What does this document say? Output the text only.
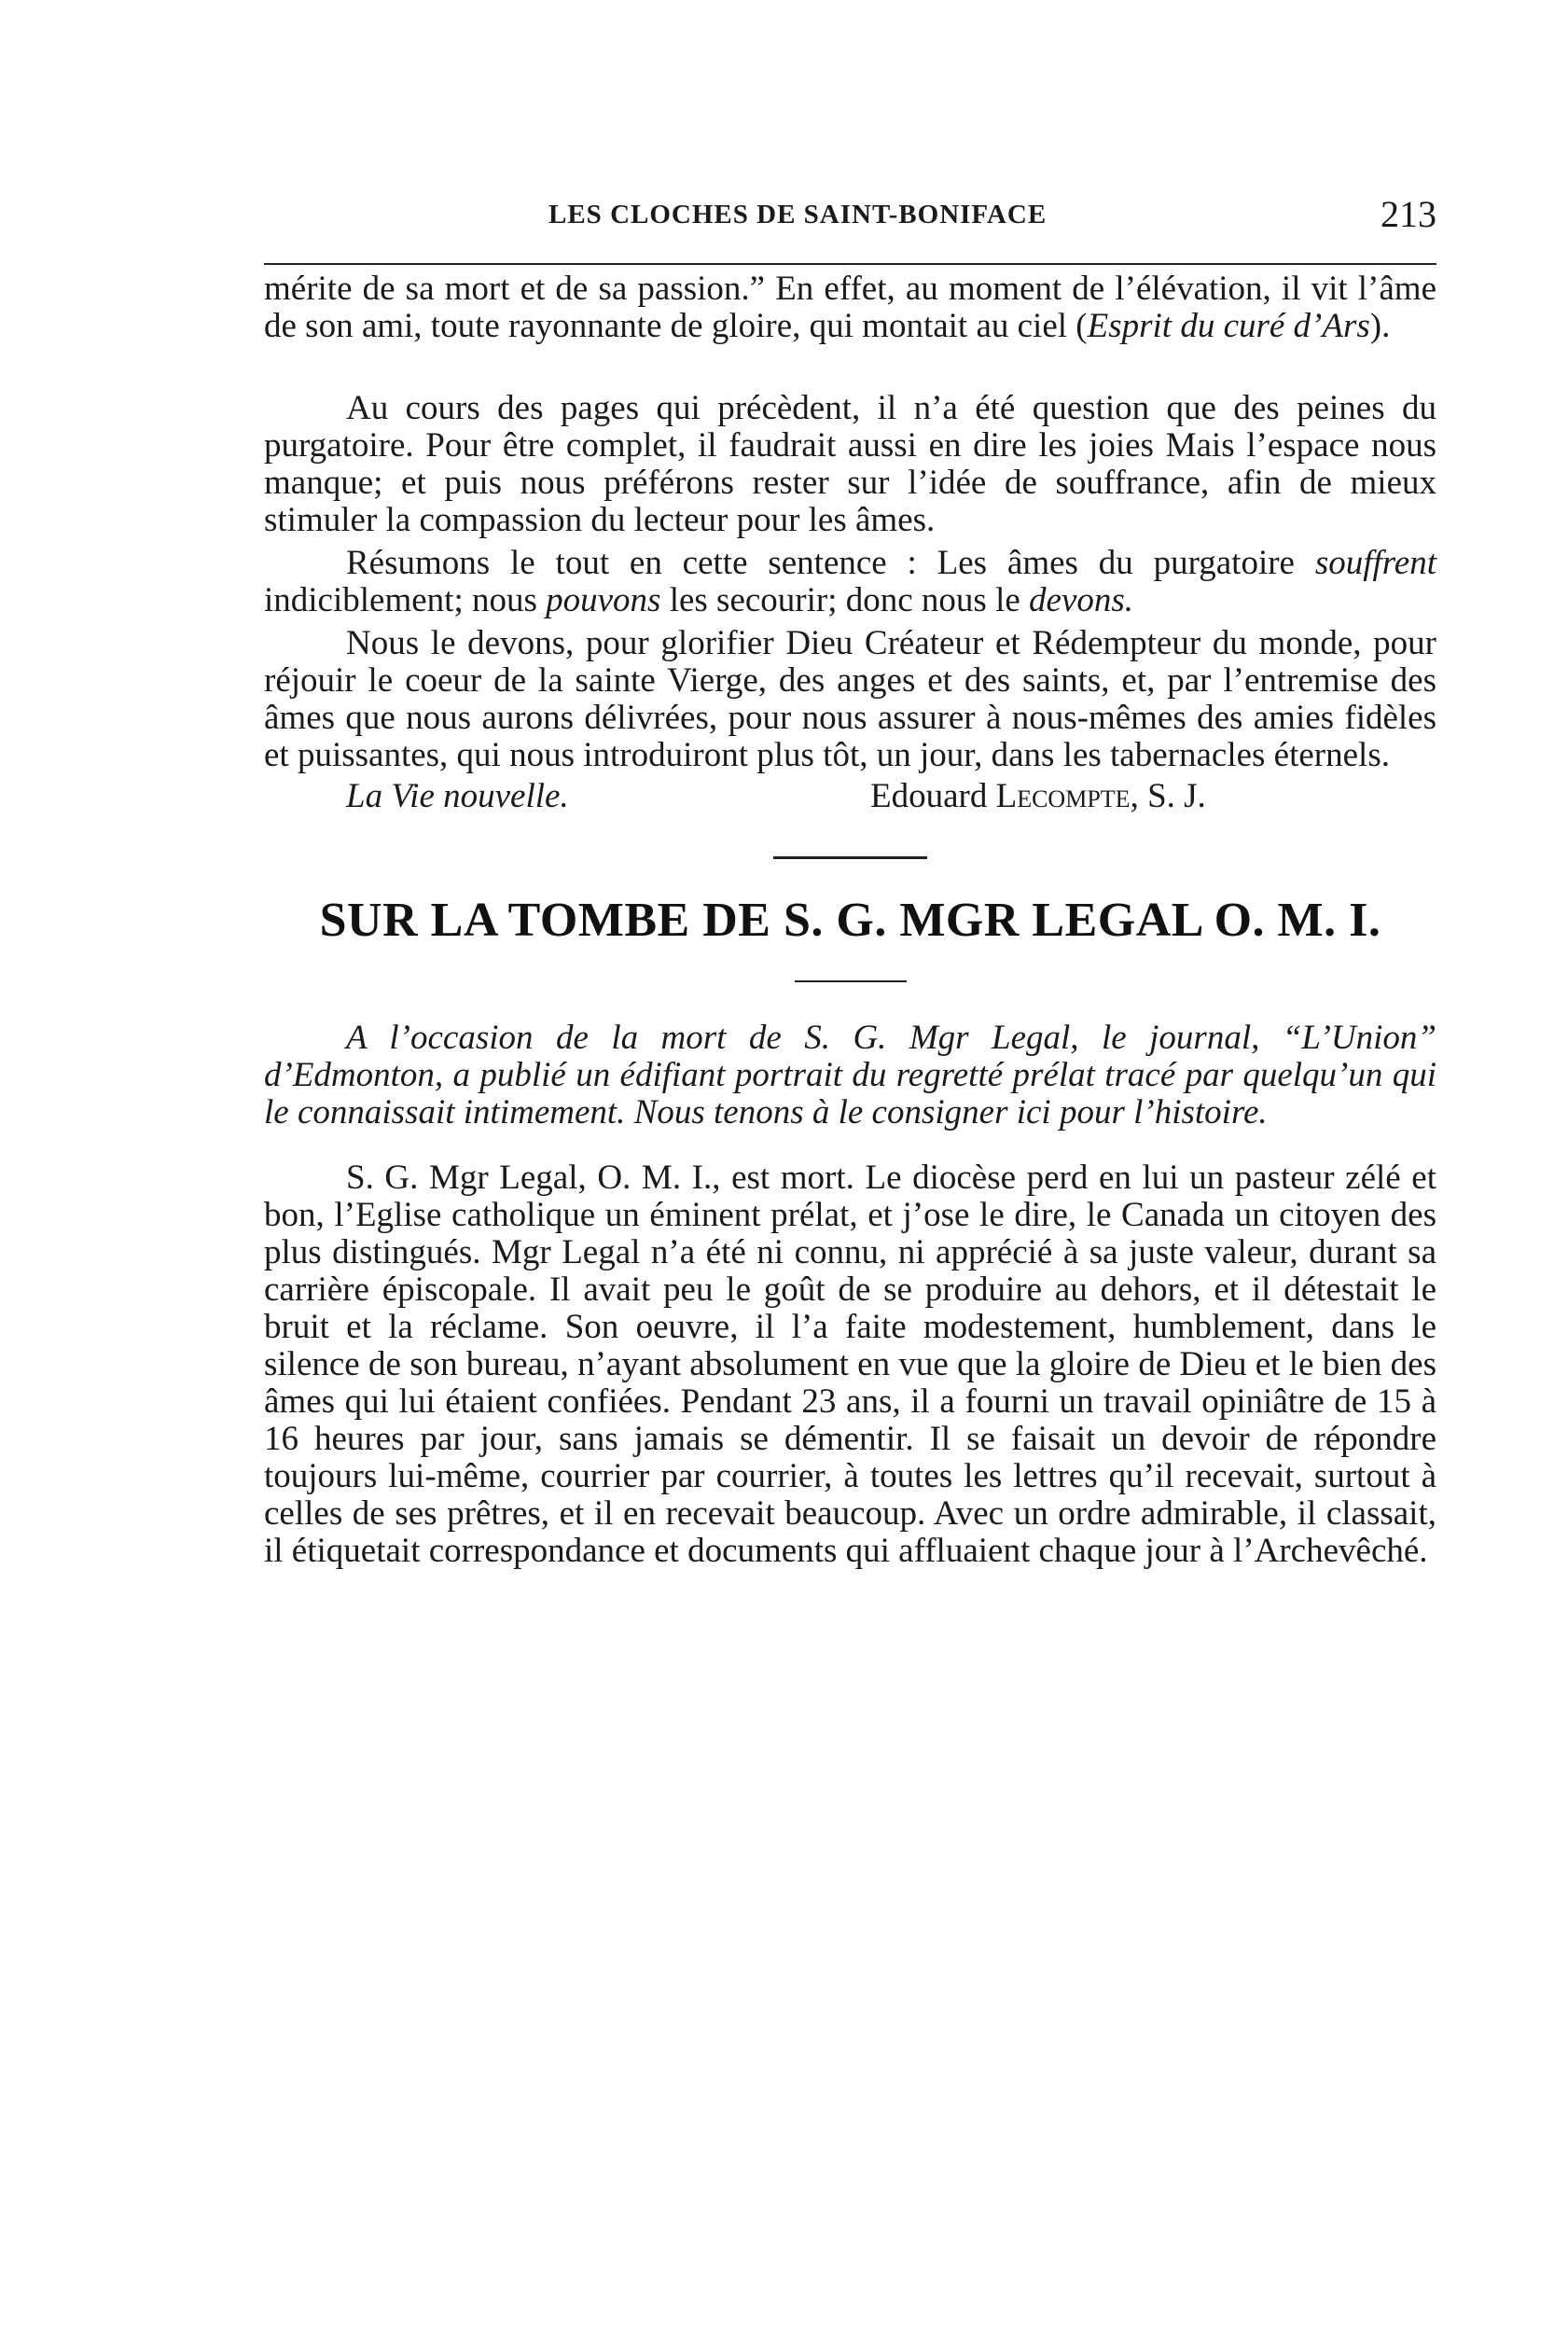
LES CLOCHES DE SAINT-BONIFACE	213

mérite de sa mort et de sa passion.” En effet, au moment de l’élévation, il vit l’âme de son ami, toute rayonnante de gloire, qui montait au ciel (Esprit du curé d’Ars).

Au cours des pages qui précèdent, il n’a été question que des peines du purgatoire. Pour être complet, il faudrait aussi en dire les joies Mais l’espace nous manque; et puis nous préférons rester sur l’idée de souffrance, afin de mieux stimuler la compassion du lecteur pour les âmes.

Résumons le tout en cette sentence : Les âmes du purgatoire souffrent indiciblement; nous pouvons les secourir; donc nous le devons.

Nous le devons, pour glorifier Dieu Créateur et Rédempteur du monde, pour réjouir le coeur de la sainte Vierge, des anges et des saints, et, par l’entremise des âmes que nous aurons délivrées, pour nous assurer à nous-mêmes des amies fidèles et puissantes, qui nous introduiront plus tôt, un jour, dans les tabernacles éternels.

La Vie nouvelle.	Edouard Lecompte, S. J.
SUR LA TOMBE DE S. G. MGR LEGAL O. M. I.

A l’occasion de la mort de S. G. Mgr Legal, le journal, “L’Union” d’Edmonton, a publié un édifiant portrait du regretté prélat tracé par quelqu’un qui le connaissait intimement. Nous tenons à le consigner ici pour l’histoire.

S. G. Mgr Legal, O. M. I., est mort. Le diocèse perd en lui un pasteur zélé et bon, l’Eglise catholique un éminent prélat, et j’ose le dire, le Canada un citoyen des plus distingués. Mgr Legal n’a été ni connu, ni apprécié à sa juste valeur, durant sa carrière épiscopale. Il avait peu le goût de se produire au dehors, et il détestait le bruit et la réclame. Son oeuvre, il l’a faite modestement, humblement, dans le silence de son bureau, n’ayant absolument en vue que la gloire de Dieu et le bien des âmes qui lui étaient confiées. Pendant 23 ans, il a fourni un travail opiniâtre de 15 à 16 heures par jour, sans jamais se démentir. Il se faisait un devoir de répondre toujours lui-même, courrier par courrier, à toutes les lettres qu’il recevait, surtout à celles de ses prêtres, et il en recevait beaucoup. Avec un ordre admirable, il classait, il étiquetait correspondance et documents qui affluaient chaque jour à l’Archevêché.
